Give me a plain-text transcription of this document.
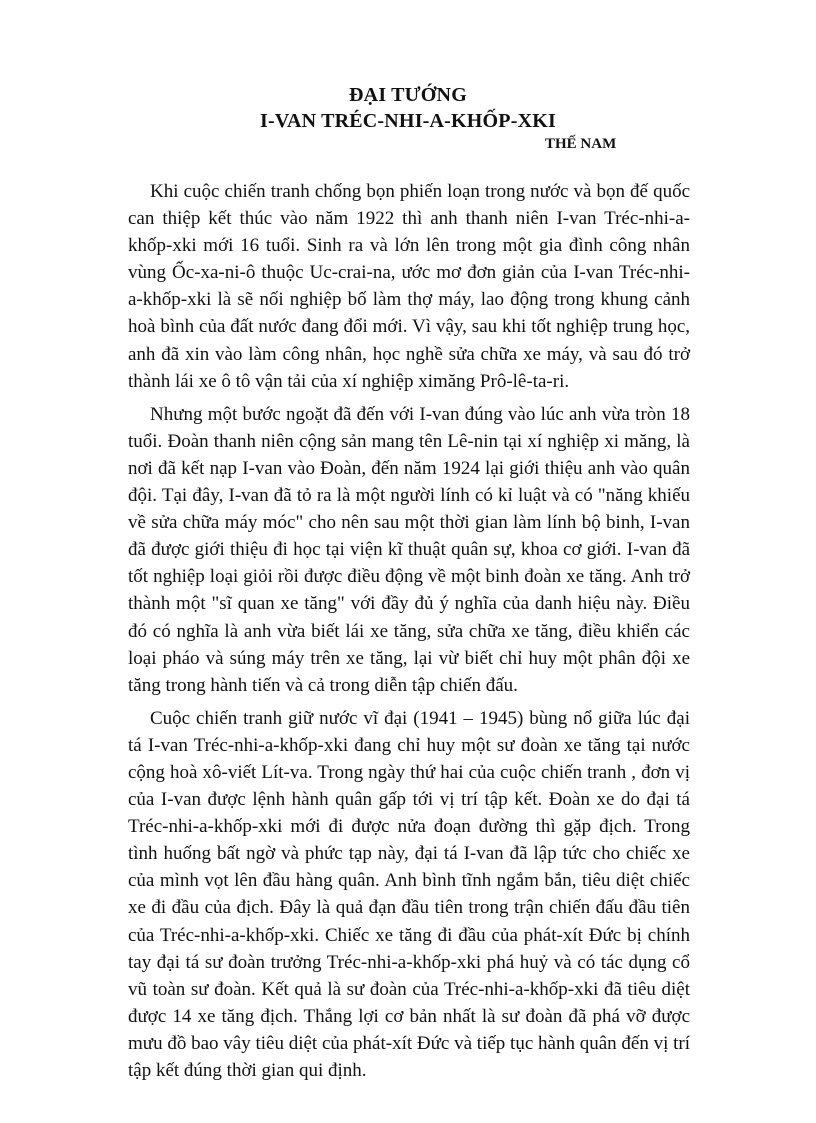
ĐẠI TƯỚNG
I-VAN TRÉC-NHI-A-KHỐP-XKI
THẾ NAM

Khi cuộc chiến tranh chống bọn phiến loạn trong nước và bọn đế quốc can thiệp kết thúc vào năm 1922 thì anh thanh niên I-van Tréc-nhi-a-khốp-xki mới 16 tuổi. Sinh ra và lớn lên trong một gia đình công nhân vùng Ốc-xa-ni-ô thuộc Uc-crai-na, ước mơ đơn giản của I-van Tréc-nhi-a-khốp-xki là sẽ nối nghiệp bố làm thợ máy, lao động trong khung cảnh hoà bình của đất nước đang đổi mới. Vì vậy, sau khi tốt nghiệp trung học, anh đã xin vào làm công nhân, học nghề sửa chữa xe máy, và sau đó trở thành lái xe ô tô vận tải của xí nghiệp ximăng Prô-lê-ta-ri.

Nhưng một bước ngoặt đã đến với I-van đúng vào lúc anh vừa tròn 18 tuổi. Đoàn thanh niên cộng sản mang tên Lê-nin tại xí nghiệp xi măng, là nơi đã kết nạp I-van vào Đoàn, đến năm 1924 lại giới thiệu anh vào quân đội. Tại đây, I-van đã tỏ ra là một người lính có kỉ luật và có "năng khiếu về sửa chữa máy móc" cho nên sau một thời gian làm lính bộ binh, I-van đã được giới thiệu đi học tại viện kĩ thuật quân sự, khoa cơ giới. I-van đã tốt nghiệp loại giỏi rồi được điều động về một binh đoàn xe tăng. Anh trở thành một "sĩ quan xe tăng" với đầy đủ ý nghĩa của danh hiệu này. Điều đó có nghĩa là anh vừa biết lái xe tăng, sửa chữa xe tăng, điều khiển các loại pháo và súng máy trên xe tăng, lại vừ biết chỉ huy một phân đội xe tăng trong hành tiến và cả trong diễn tập chiến đấu.

Cuộc chiến tranh giữ nước vĩ đại (1941 – 1945) bùng nổ giữa lúc đại tá I-van Tréc-nhi-a-khốp-xki đang chỉ huy một sư đoàn xe tăng tại nước cộng hoà xô-viết Lít-va. Trong ngày thứ hai của cuộc chiến tranh , đơn vị của I-van được lệnh hành quân gấp tới vị trí tập kết. Đoàn xe do đại tá Tréc-nhi-a-khốp-xki mới đi được nửa đoạn đường thì gặp địch. Trong tình huống bất ngờ và phức tạp này, đại tá I-van đã lập tức cho chiếc xe của mình vọt lên đầu hàng quân. Anh bình tĩnh ngắm bắn, tiêu diệt chiếc xe đi đầu của địch. Đây là quả đạn đầu tiên trong trận chiến đấu đầu tiên của Tréc-nhi-a-khốp-xki. Chiếc xe tăng đi đầu của phát-xít Đức bị chính tay đại tá sư đoàn trưởng Tréc-nhi-a-khốp-xki phá huỷ và có tác dụng cổ vũ toàn sư đoàn. Kết quả là sư đoàn của Tréc-nhi-a-khốp-xki đã tiêu diệt được 14 xe tăng địch. Thắng lợi cơ bản nhất là sư đoàn đã phá vỡ được mưu đồ bao vây tiêu diệt của phát-xít Đức và tiếp tục hành quân đến vị trí tập kết đúng thời gian qui định.
